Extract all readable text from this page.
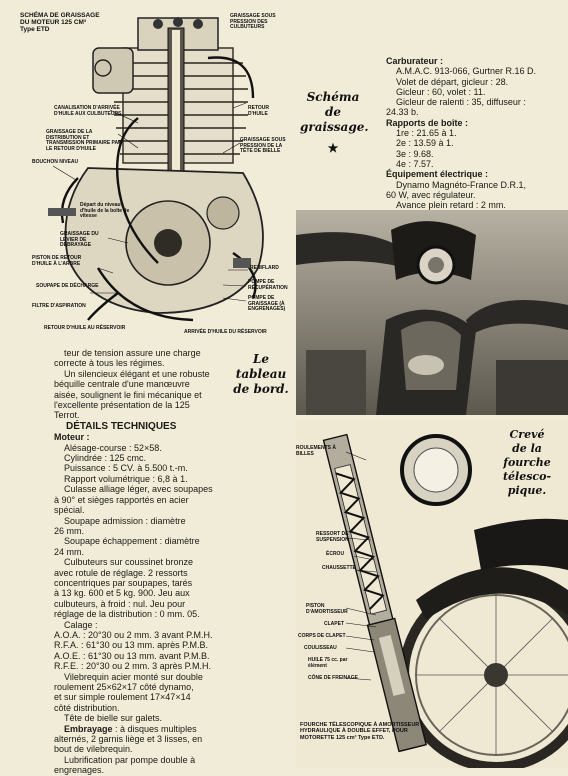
SCHÉMA DE GRAISSAGE
DU MOTEUR 125 CM³
Type ETD
GRAISSAGE SOUS PRESSION DES CULBUTEURS
CANALISATION D'ARRIVÉE D'HUILE AUX CULBUTEURS
RETOUR D'HUILE
GRAISSAGE DE LA DISTRIBUTION ET TRANSMISSION PRIMAIRE PAR LE RETOUR D'HUILE
GRAISSAGE SOUS PRESSION DE LA TÊTE DE BIELLE
BOUCHON NIVEAU
Départ du niveau d'huile de la boîte de vitesse
GRAISSAGE DU LEVIER DE DÉBRAYAGE
PISTON DE RETOUR D'HUILE À L'ARBRE
SOUPAPE DE DÉCHARGE
FILTRE D'ASPIRATION
RETOUR D'HUILE AU RÉSERVOIR
RENIFLARD
POMPE DE RÉCUPÉRATION
POMPE DE GRAISSAGE (À ENGRENAGES)
ARRIVÉE D'HUILE DU RÉSERVOIR
Schéma
de
graissage.
★

Carburateur :

A.M.A.C. 913-066, Gurtner R.16 D.

Volet de départ, gicleur : 28.

Gicleur : 60, volet : 11.

Gicleur de ralenti : 35, diffuseur :

24.33 b.

Rapports de boîte :

1re : 21.65 à 1.

2e : 13.59 à 1.

3e : 9.68.

4e : 7.57.

Équipement électrique :

Dynamo Magnéto-France D.R.1,

60 W, avec régulateur.

Avance plein retard : 2 mm.

Le
tableau
de bord.
ROULEMENTS À BILLES
RESSORT DE SUSPENSION
ÉCROU
CHAUSSETTE
PISTON D'AMORTISSEUR
CLAPET
CORPS DE CLAPET
COULISSEAU
HUILE 75 cc. par élément
CÔNE DE FREINAGE
FOURCHE TÉLESCOPIQUE À AMORTISSEUR HYDRAULIQUE À DOUBLE EFFET, POUR MOTORETTE 125 cm³ Type ETD.
Crevé
de la
fourche
télesco-
pique.

teur de tension assure une charge

correcte à tous les régimes.

Un silencieux élégant et une robuste

béquille centrale d'une manœuvre

aisée, soulignent le fini mécanique et

l'excellente présentation de la 125

Terrot.

DÉTAILS TECHNIQUES

Moteur :

Alésage-course : 52×58.

Cylindrée : 125 cmc.

Puissance : 5 CV. à 5.500 t.-m.

Rapport volumétrique : 6,8 à 1.

Culasse alliage léger, avec soupapes

à 90° et sièges rapportés en acier

spécial.

Soupape admission : diamètre

26 mm.

Soupape échappement : diamètre

24 mm.

Culbuteurs sur coussinet bronze

avec rotule de réglage. 2 ressorts

concentriques par soupapes, tarés

à 13 kg. 600 et 5 kg. 900. Jeu aux

culbuteurs, à froid : nul. Jeu pour

réglage de la distribution : 0 mm. 05.

Calage :

A.O.A. : 20°30 ou 2 mm. 3 avant P.M.H.

R.F.A. : 61°30 ou 13 mm. après P.M.B.

A.O.E. : 61°30 ou 13 mm. avant P.M.B.

R.F.E. : 20°30 ou 2 mm. 3 après P.M.H.

Vilebrequin acier monté sur double

roulement 25×62×17 côté dynamo,

et sur simple roulement 17×47×14

côté distribution.

Tête de bielle sur galets.

Embrayage : à disques multiples

alternés, 2 garnis liège et 3 lisses, en

bout de vilebrequin.

Lubrification par pompe double à

engrenages.
